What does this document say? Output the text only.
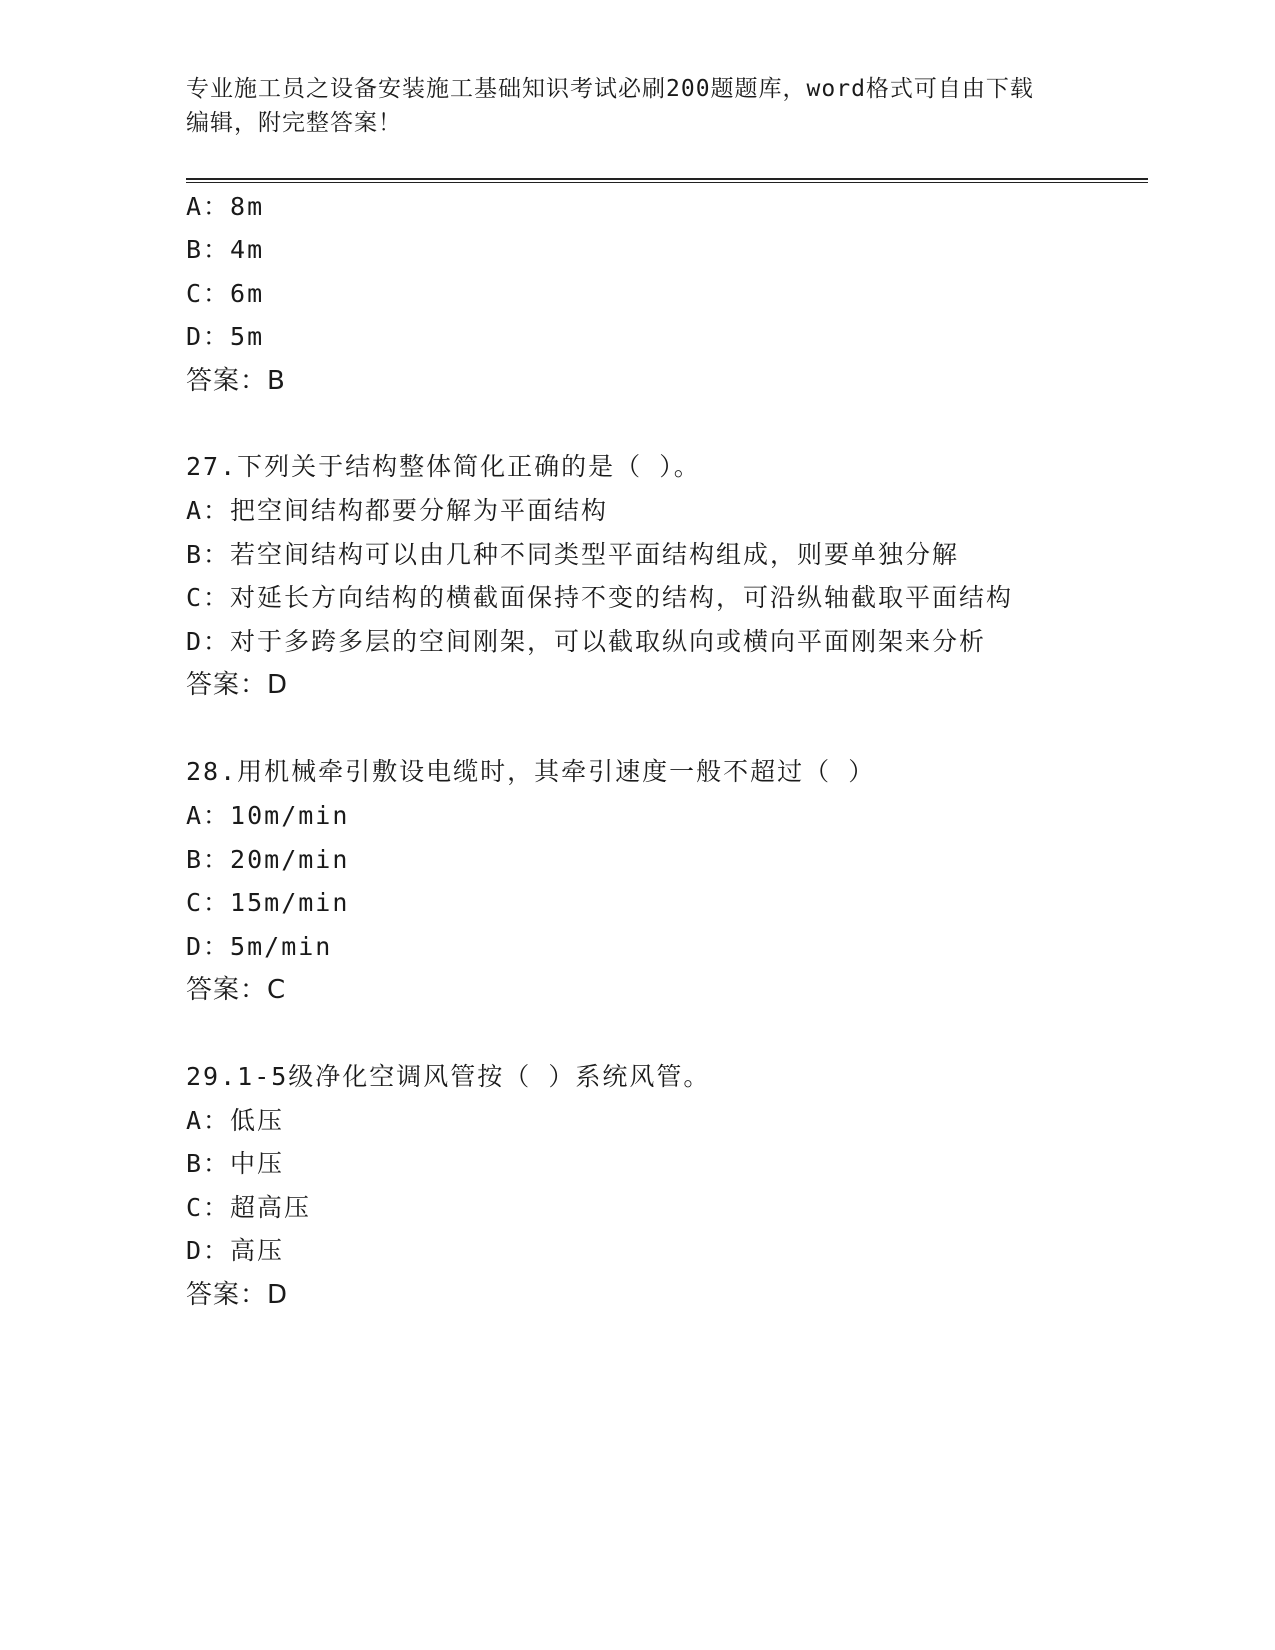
专业施工员之设备安装施工基础知识考试必刷200题题库，word格式可自由下载
编辑，附完整答案！
A：8m
B：4m
C：6m
D：5m
答案：B
27.下列关于结构整体简化正确的是（ ）。
A：把空间结构都要分解为平面结构
B：若空间结构可以由几种不同类型平面结构组成，则要单独分解
C：对延长方向结构的横截面保持不变的结构，可沿纵轴截取平面结构
D：对于多跨多层的空间刚架，可以截取纵向或横向平面刚架来分析
答案：D
28.用机械牵引敷设电缆时，其牵引速度一般不超过（ ）
A：10m/min
B：20m/min
C：15m/min
D：5m/min
答案：C
29.1-5级净化空调风管按（ ）系统风管。
A：低压
B：中压
C：超高压
D：高压
答案：D
